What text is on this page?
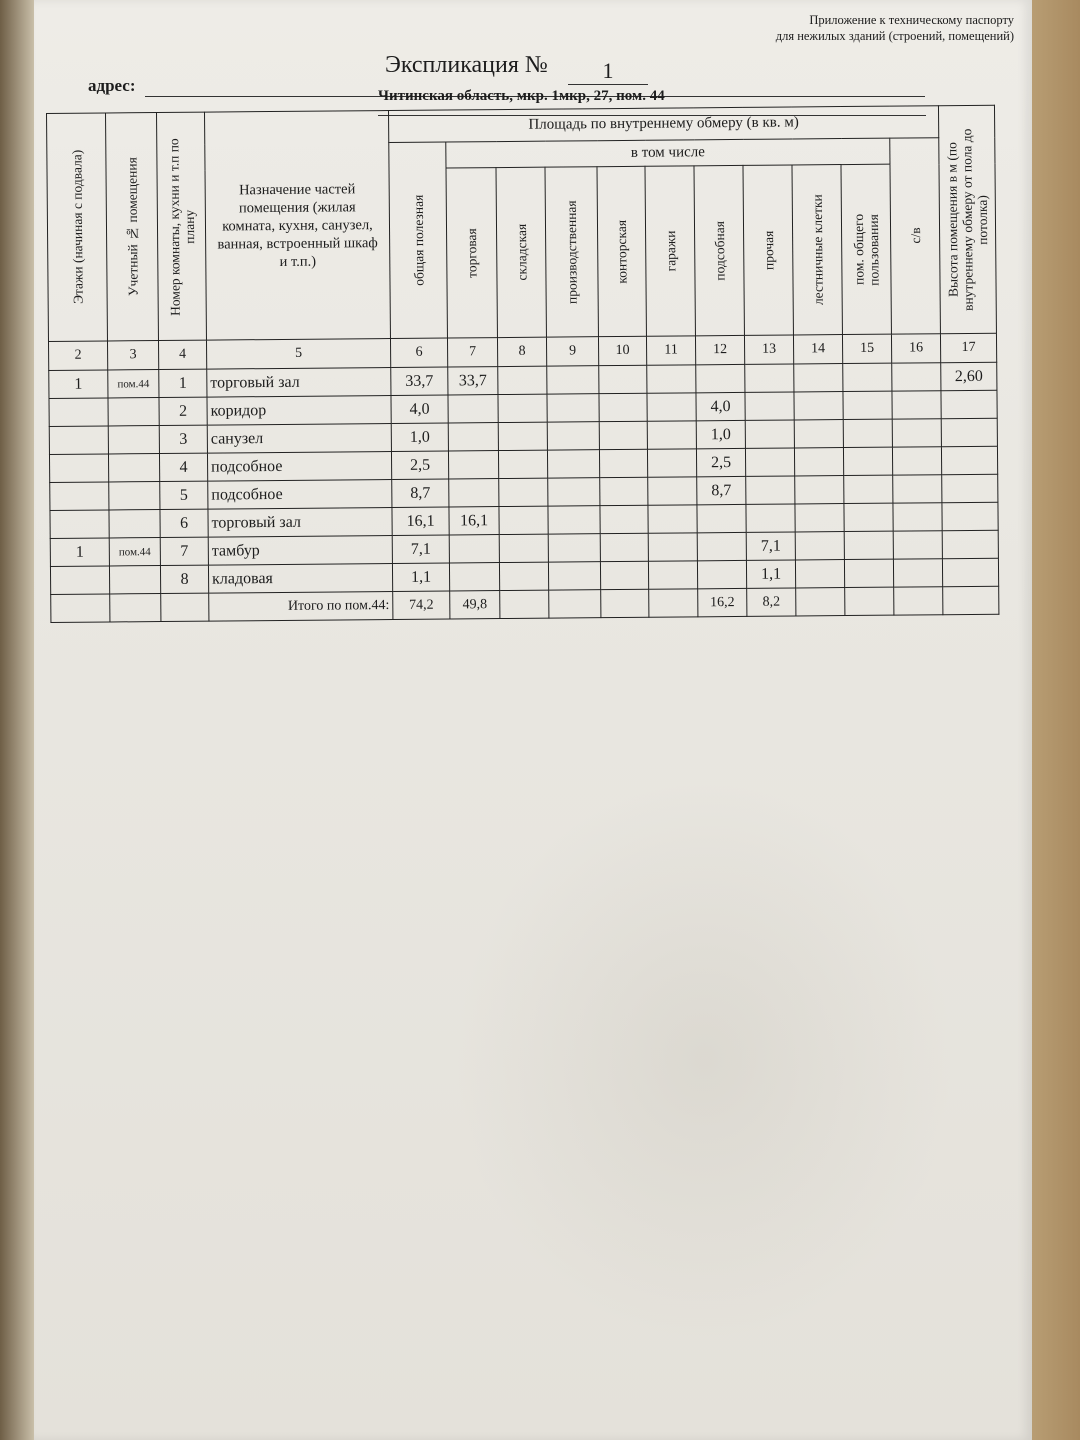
Приложение к техническому паспорту
для нежилых зданий (строений, помещений)
Экспликация №	1
адрес:
Читинская область, мкр. 1мкр, 27, пом. 44
Этажи (начиная с подвала)	Учетный № помещения	Номер комнаты, кухни и т.п по плану	Назначение частей помещения (жилая комната, кухня, санузел, ванная, встроенный шкаф и т.п.)	Площадь по внутреннему обмеру (в кв. м)											Высота помещения в м (по внутреннему обмеру от пола до потолка)

				общая полезная	в том числе									с/в	

					торговая	складская	производственная	конторская	гаражи	подсобная	прочая	лестничные клетки	пом. общего пользования		

2	3	4	5	6	7	8	9	10	11	12	13	14	15	16	17
1	пом.44	1	торговый зал	33,7	33,7										2,60
		2	коридор	4,0						4,0					
		3	санузел	1,0						1,0					
		4	подсобное	2,5						2,5					
		5	подсобное	8,7						8,7					
		6	торговый зал	16,1	16,1										
1	пом.44	7	тамбур	7,1							7,1				
		8	кладовая	1,1							1,1				
			Итого по пом.44:	74,2	49,8					16,2	8,2				
